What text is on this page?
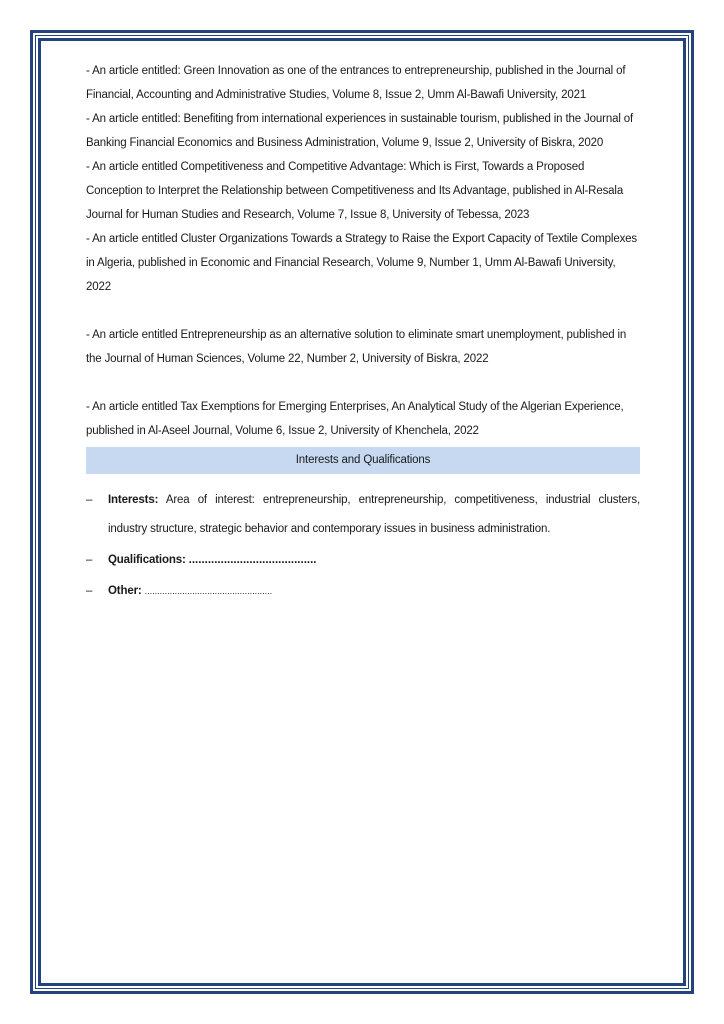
- An article entitled: Green Innovation as one of the entrances to entrepreneurship, published in the Journal of Financial, Accounting and Administrative Studies, Volume 8, Issue 2, Umm Al-Bawafi University, 2021

- An article entitled: Benefiting from international experiences in sustainable tourism, published in the Journal of Banking Financial Economics and Business Administration, Volume 9, Issue 2, University of Biskra, 2020

- An article entitled Competitiveness and Competitive Advantage: Which is First, Towards a Proposed Conception to Interpret the Relationship between Competitiveness and Its Advantage, published in Al-Resala Journal for Human Studies and Research, Volume 7, Issue 8, University of Tebessa, 2023

- An article entitled Cluster Organizations Towards a Strategy to Raise the Export Capacity of Textile Complexes in Algeria, published in Economic and Financial Research, Volume 9, Number 1, Umm Al-Bawafi University, 2022

- An article entitled Entrepreneurship as an alternative solution to eliminate smart unemployment, published in the Journal of Human Sciences, Volume 22, Number 2, University of Biskra, 2022

- An article entitled Tax Exemptions for Emerging Enterprises, An Analytical Study of the Algerian Experience, published in Al-Aseel Journal, Volume 6, Issue 2, University of Khenchela, 2022

Interests and Qualifications
– Interests: Area of interest: entrepreneurship, entrepreneurship, competitiveness, industrial clusters, industry structure, strategic behavior and contemporary issues in business administration.
– Qualifications: ........................................
– Other: ...................................................
